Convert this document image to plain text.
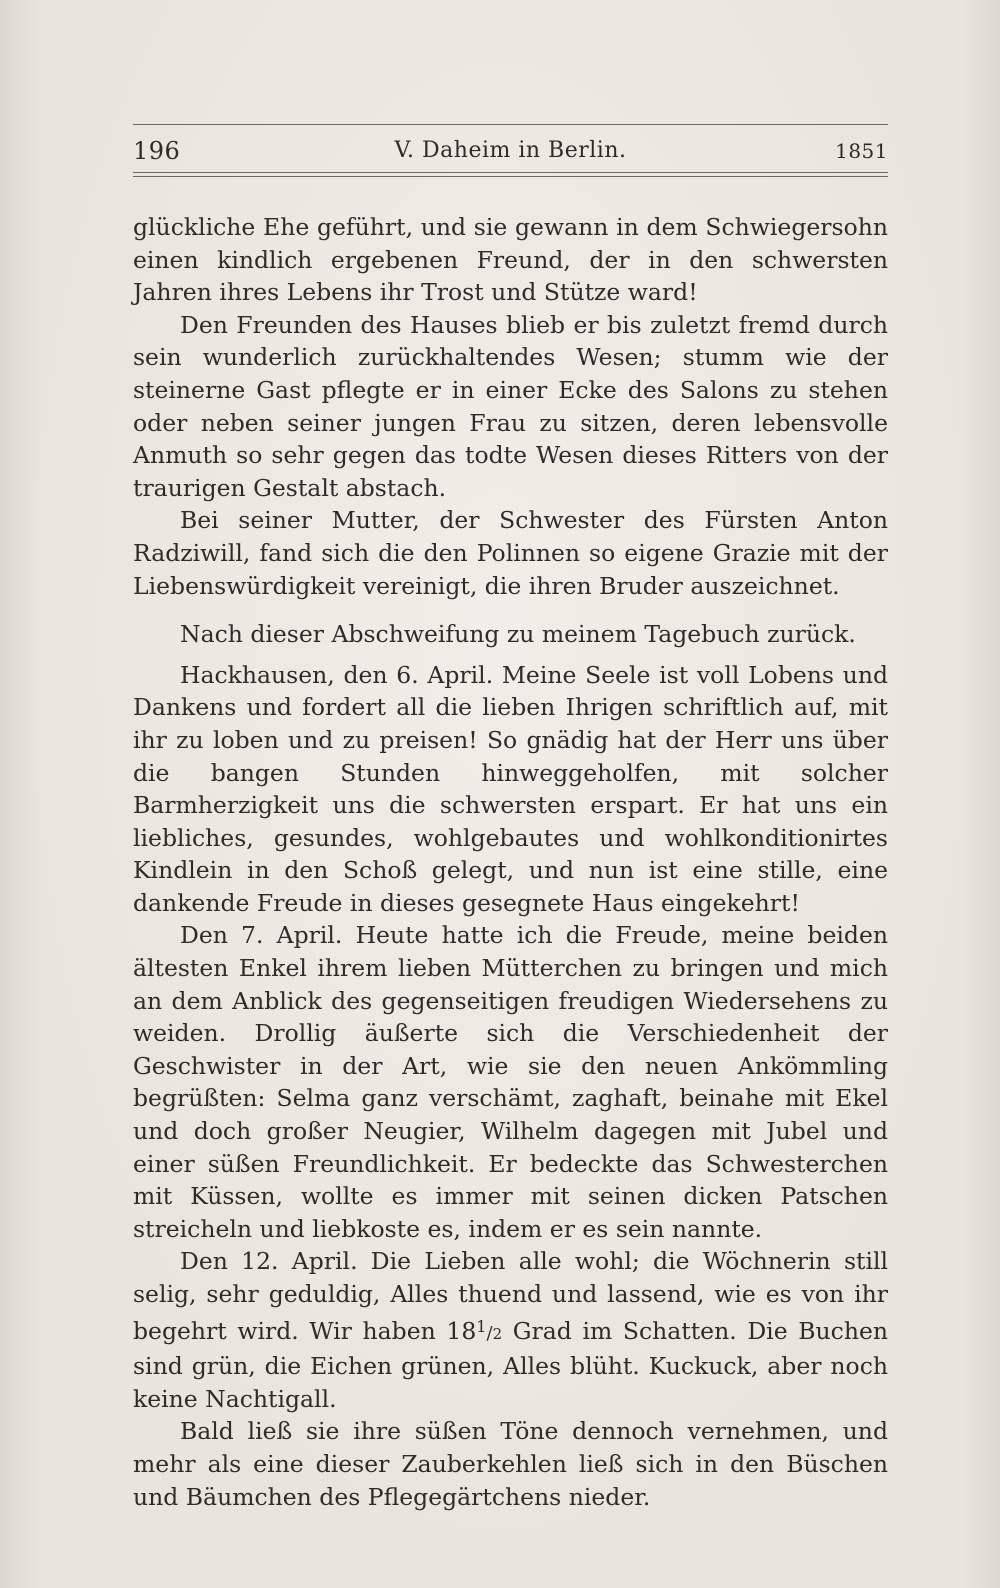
196	V. Daheim in Berlin.	1851

glückliche Ehe geführt, und sie gewann in dem Schwiegersohn einen kindlich ergebenen Freund, der in den schwersten Jahren ihres Lebens ihr Trost und Stütze ward!

Den Freunden des Hauses blieb er bis zuletzt fremd durch sein wunderlich zurückhaltendes Wesen; stumm wie der steinerne Gast pflegte er in einer Ecke des Salons zu stehen oder neben seiner jungen Frau zu sitzen, deren lebensvolle Anmuth so sehr gegen das todte Wesen dieses Ritters von der traurigen Gestalt abstach.

Bei seiner Mutter, der Schwester des Fürsten Anton Radziwill, fand sich die den Polinnen so eigene Grazie mit der Liebenswürdigkeit vereinigt, die ihren Bruder auszeichnet.

Nach dieser Abschweifung zu meinem Tagebuch zurück.

Hackhausen, den 6. April. Meine Seele ist voll Lobens und Dankens und fordert all die lieben Ihrigen schriftlich auf, mit ihr zu loben und zu preisen! So gnädig hat der Herr uns über die bangen Stunden hinweggeholfen, mit solcher Barmherzigkeit uns die schwersten erspart. Er hat uns ein liebliches, gesundes, wohlgebautes und wohlkonditionirtes Kindlein in den Schoß gelegt, und nun ist eine stille, eine dankende Freude in dieses gesegnete Haus eingekehrt!

Den 7. April. Heute hatte ich die Freude, meine beiden ältesten Enkel ihrem lieben Mütterchen zu bringen und mich an dem Anblick des gegenseitigen freudigen Wiedersehens zu weiden. Drollig äußerte sich die Verschiedenheit der Geschwister in der Art, wie sie den neuen Ankömmling begrüßten: Selma ganz verschämt, zaghaft, beinahe mit Ekel und doch großer Neugier, Wilhelm dagegen mit Jubel und einer süßen Freundlichkeit. Er bedeckte das Schwesterchen mit Küssen, wollte es immer mit seinen dicken Patschen streicheln und liebkoste es, indem er es sein nannte.

Den 12. April. Die Lieben alle wohl; die Wöchnerin still selig, sehr geduldig, Alles thuend und lassend, wie es von ihr begehrt wird. Wir haben $18^1/2$ Grad im Schatten. Die Buchen sind grün, die Eichen grünen, Alles blüht. Kuckuck, aber noch keine Nachtigall.

Bald ließ sie ihre süßen Töne dennoch vernehmen, und mehr als eine dieser Zauberkehlen ließ sich in den Büschen und Bäumchen des Pflegegärtchens nieder.
